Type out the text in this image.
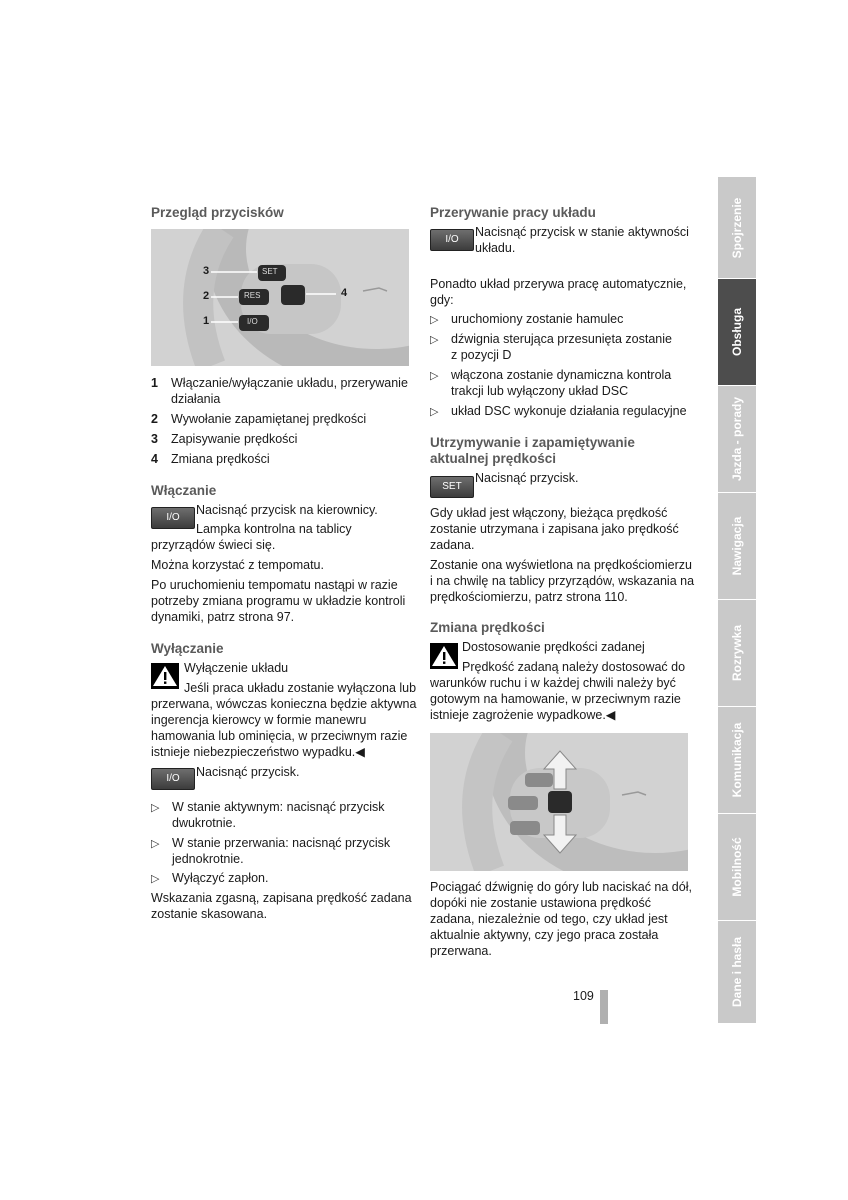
Przegląd przycisków
3
2
1
4
SET
RES
I/O
1 Włączanie/wyłączanie układu, przerywanie
działania
2 Wywołanie zapamiętanej prędkości
3 Zapisywanie prędkości
4 Zmiana prędkości
Włączanie
I/O
Nacisnąć przycisk na kierownicy.
Lampka kontrolna na tablicy
przyrządów świeci się.
Można korzystać z tempomatu.
Po uruchomieniu tempomatu nastąpi w razie
potrzeby zmiana programu w układzie kontroli
dynamiki, patrz strona 97.
Wyłączanie
Wyłączenie układu
Jeśli praca układu zostanie wyłączona lub
przerwana, wówczas konieczna będzie aktywna
ingerencja kierowcy w formie manewru
hamowania lub ominięcia, w przeciwnym razie
istnieje niebezpieczeństwo wypadku.◀
I/O	Nacisnąć przycisk.
▷ W stanie aktywnym: nacisnąć przycisk
dwukrotnie.
▷ W stanie przerwania: nacisnąć przycisk
jednokrotnie.
▷ Wyłączyć zapłon.
Wskazania zgasną, zapisana prędkość zadana
zostanie skasowana.
Przerywanie pracy układu
I/O
Nacisnąć przycisk w stanie aktywności
układu.
Ponadto układ przerywa pracę automatycznie,
gdy:
▷ uruchomiony zostanie hamulec
▷ dźwignia sterująca przesunięta zostanie
z pozycji D
▷ włączona zostanie dynamiczna kontrola
trakcji lub wyłączony układ DSC
▷ układ DSC wykonuje działania regulacyjne
Utrzymywanie i zapamiętywanie
aktualnej prędkości
SET
Nacisnąć przycisk.
Gdy układ jest włączony, bieżąca prędkość
zostanie utrzymana i zapisana jako prędkość
zadana.
Zostanie ona wyświetlona na prędkościomierzu
i na chwilę na tablicy przyrządów, wskazania na
prędkościomierzu, patrz strona 110.
Zmiana prędkości
Dostosowanie prędkości zadanej
Prędkość zadaną należy dostosować do
warunków ruchu i w każdej chwili należy być
gotowym na hamowanie, w przeciwnym razie
istnieje zagrożenie wypadkowe.◀
Pociągać dźwignię do góry lub naciskać na dół,
dopóki nie zostanie ustawiona prędkość
zadana, niezależnie od tego, czy układ jest
aktualnie aktywny, czy jego praca została
przerwana.
109
Spojrzenie
Obsługa
Jazda - porady
Nawigacja
Rozrywka
Komunikacja
Mobilność
Dane i hasła
